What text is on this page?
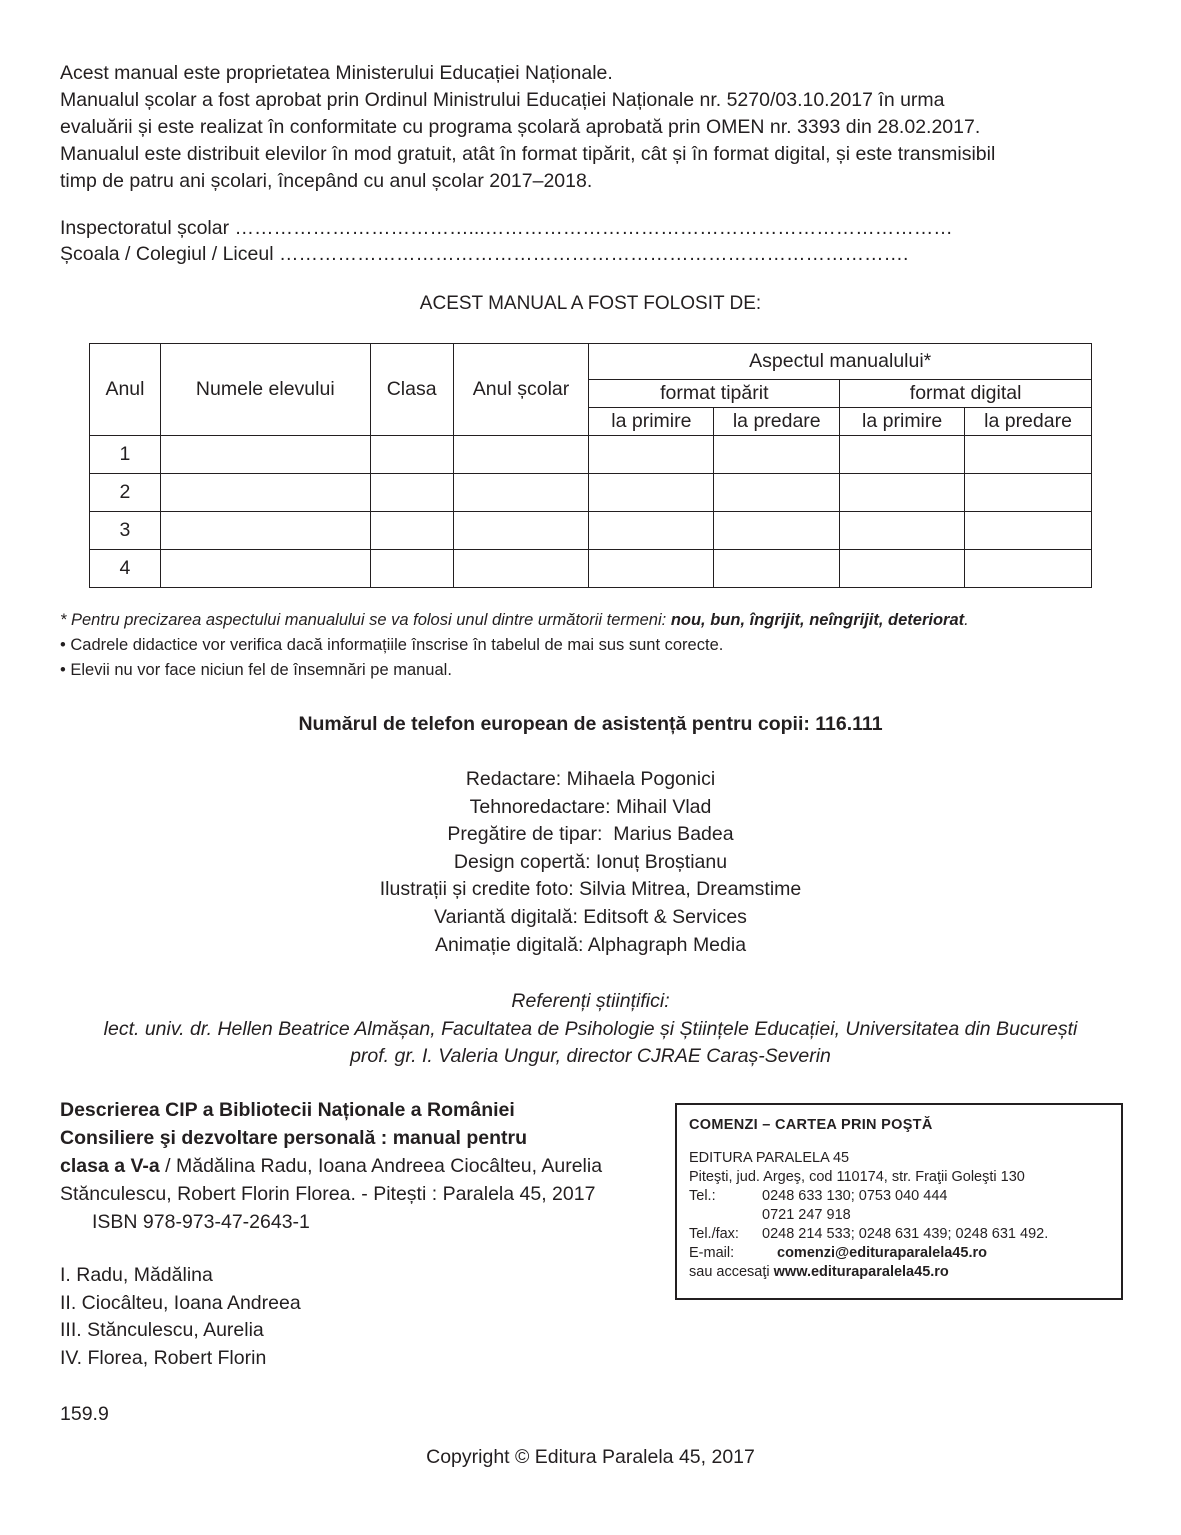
Acest manual este proprietatea Ministerului Educației Naționale.
Manualul școlar a fost aprobat prin Ordinul Ministrului Educației Naționale nr. 5270/03.10.2017 în urma
evaluării și este realizat în conformitate cu programa școlară aprobată prin OMEN nr. 3393 din 28.02.2017.
Manualul este distribuit elevilor în mod gratuit, atât în format tipărit, cât și în format digital, și este transmisibil
timp de patru ani școlari, începând cu anul școlar 2017–2018.
Inspectoratul școlar ………………………………...………………………………………………………………
Școala / Colegiul / Liceul …………………………………………………………………………………….
ACEST MANUAL A FOST FOLOSIT DE:
Anul	Numele elevului	Clasa	Anul școlar	Aspectul manualului*			
				format tipărit		format digital	
				la primire	la predare	la primire	la predare
1							
2							
3							
4							
* Pentru precizarea aspectului manualului se va folosi unul dintre următorii termeni: nou, bun, îngrijit, neîngrijit, deteriorat.
• Cadrele didactice vor verifica dacă informațiile înscrise în tabelul de mai sus sunt corecte.
• Elevii nu vor face niciun fel de însemnări pe manual.
Numărul de telefon european de asistență pentru copii: 116.111
Redactare: Mihaela Pogonici
Tehnoredactare: Mihail Vlad
Pregătire de tipar:  Marius Badea
Design copertă: Ionuț Broștianu
Ilustrații și credite foto: Silvia Mitrea, Dreamstime
Variantă digitală: Editsoft & Services
Animație digitală: Alphagraph Media
Referenți științifici:
lect. univ. dr. Hellen Beatrice Almășan, Facultatea de Psihologie și Științele Educației, Universitatea din București
prof. gr. I. Valeria Ungur, director CJRAE Caraș-Severin
Descrierea CIP a Bibliotecii Naționale a României
Consiliere şi dezvoltare personală : manual pentru
clasa a V-a / Mădălina Radu, Ioana Andreea Ciocâlteu, Aurelia
Stănculescu, Robert Florin Florea. - Pitești : Paralela 45, 2017
ISBN 978-973-47-2643-1
I. Radu, Mădălina
II. Ciocâlteu, Ioana Andreea
III. Stănculescu, Aurelia
IV. Florea, Robert Florin
159.9
COMENZI – CARTEA PRIN POŞTĂ
EDITURA PARALELA 45
Piteşti, jud. Argeş, cod 110174, str. Fraţii Goleşti 130
Tel.:	0248 633 130; 0753 040 444
0721 247 918
Tel./fax: 0248 214 533; 0248 631 439; 0248 631 492.
E-mail:	comenzi@edituraparalela45.ro
sau accesaţi www.edituraparalela45.ro
Copyright © Editura Paralela 45, 2017
